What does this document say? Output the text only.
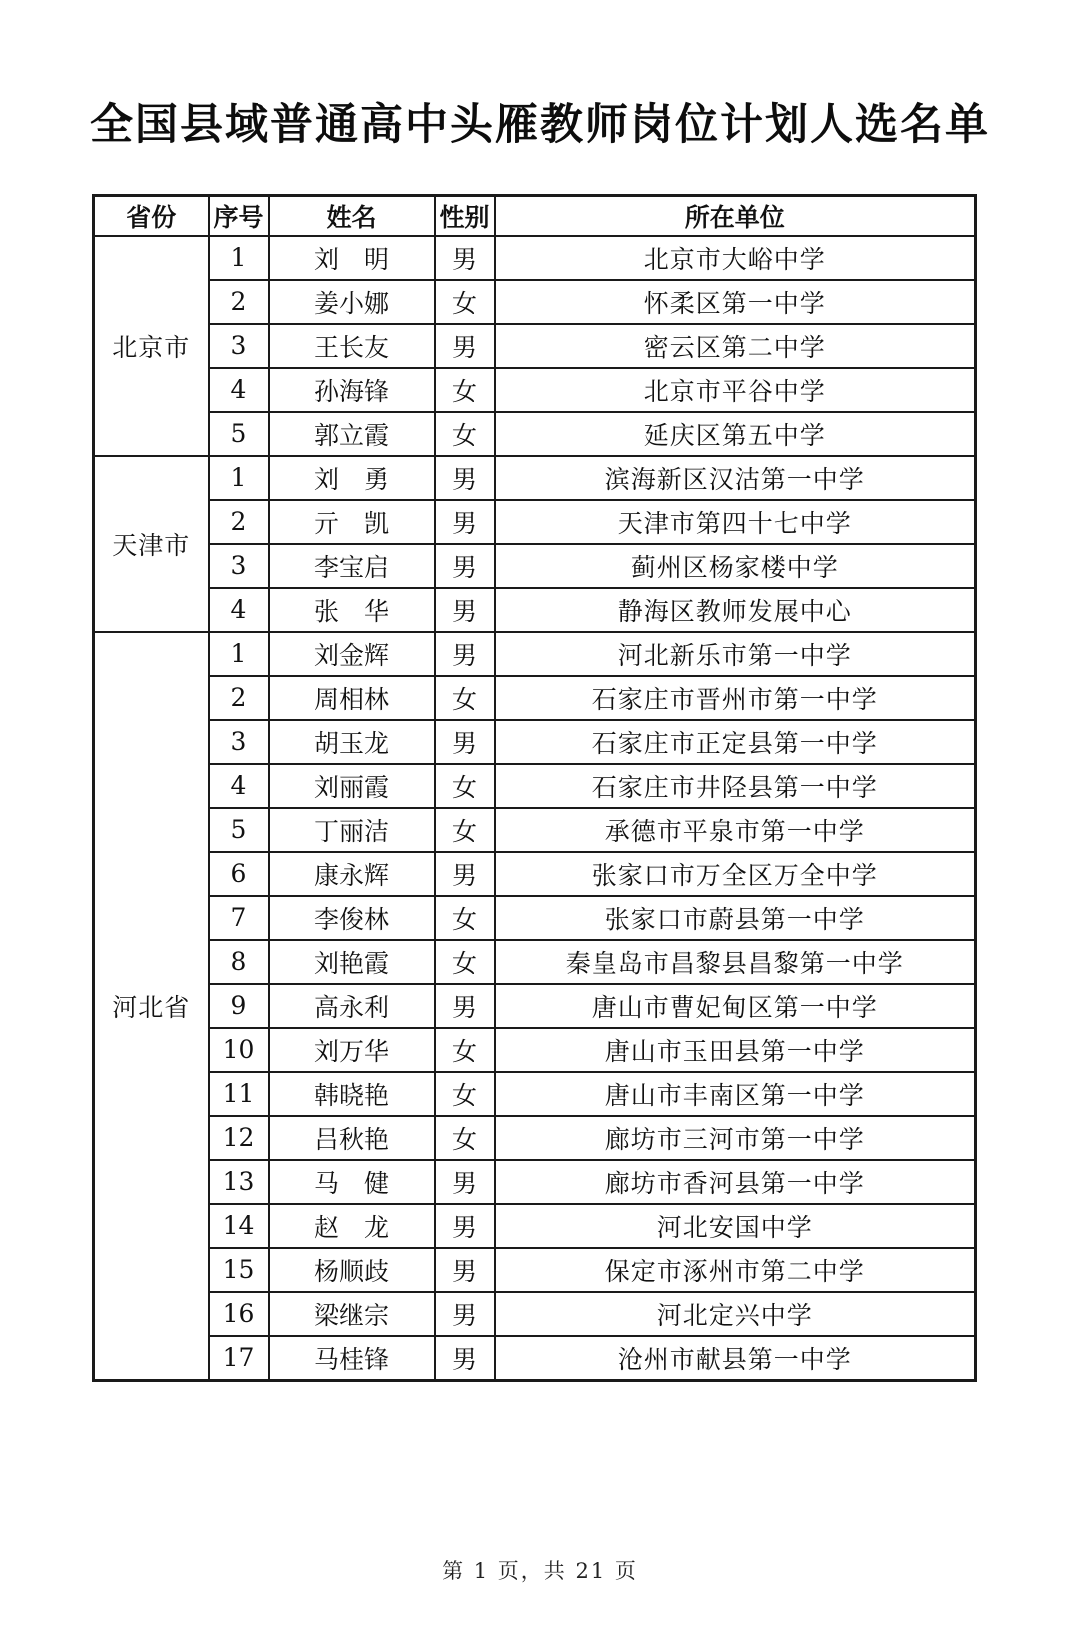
全国县域普通高中头雁教师岗位计划人选名单
省份	序号	姓名	性别	所在单位
北京市	1	刘　明	男	北京市大峪中学
	2	姜小娜	女	怀柔区第一中学
	3	王长友	男	密云区第二中学
	4	孙海锋	女	北京市平谷中学
	5	郭立霞	女	延庆区第五中学
天津市	1	刘　勇	男	滨海新区汉沽第一中学
	2	亓　凯	男	天津市第四十七中学
	3	李宝启	男	蓟州区杨家楼中学
	4	张　华	男	静海区教师发展中心
河北省	1	刘金辉	男	河北新乐市第一中学
	2	周相林	女	石家庄市晋州市第一中学
	3	胡玉龙	男	石家庄市正定县第一中学
	4	刘丽霞	女	石家庄市井陉县第一中学
	5	丁丽洁	女	承德市平泉市第一中学
	6	康永辉	男	张家口市万全区万全中学
	7	李俊林	女	张家口市蔚县第一中学
	8	刘艳霞	女	秦皇岛市昌黎县昌黎第一中学
	9	高永利	男	唐山市曹妃甸区第一中学
	10	刘万华	女	唐山市玉田县第一中学
	11	韩晓艳	女	唐山市丰南区第一中学
	12	吕秋艳	女	廊坊市三河市第一中学
	13	马　健	男	廊坊市香河县第一中学
	14	赵　龙	男	河北安国中学
	15	杨顺歧	男	保定市涿州市第二中学
	16	梁继宗	男	河北定兴中学
	17	马桂锋	男	沧州市献县第一中学
第 1 页，共 21 页
